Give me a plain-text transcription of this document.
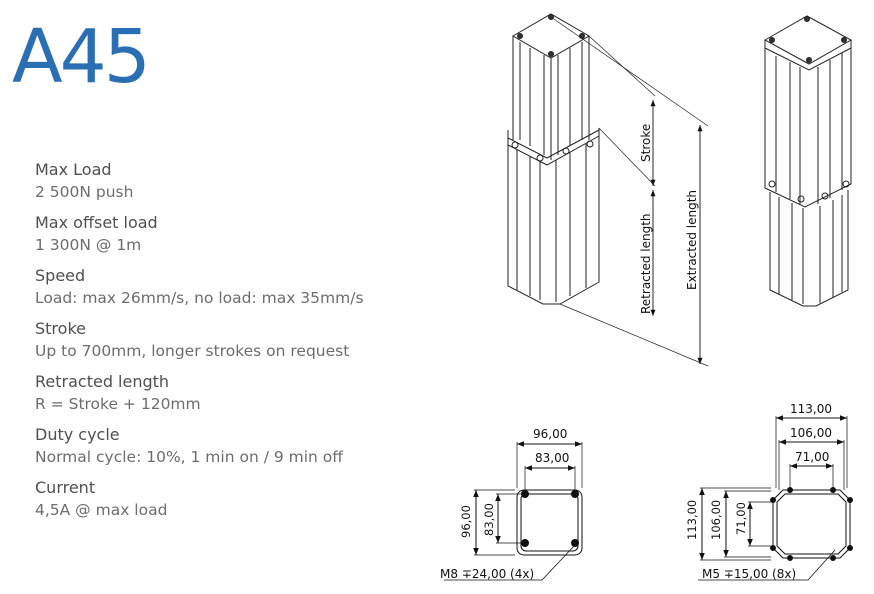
A45
Max Load
2 500N push
Max offset load
1 300N @ 1m
Speed
Load: max 26mm/s, no load: max 35mm/s
Stroke
Up to 700mm, longer strokes on request
Retracted length
R = Stroke + 120mm
Duty cycle
Normal cycle: 10%, 1 min on / 9 min off
Current
4,5A @ max load
Stroke
Retracted length	Extracted length
96,00
83,00
96,00 83,00
M8 ∓24,00 (4x)
113,00
106,00
71,00
113,00 106,00 71,00
M5 ∓15,00 (8x)
